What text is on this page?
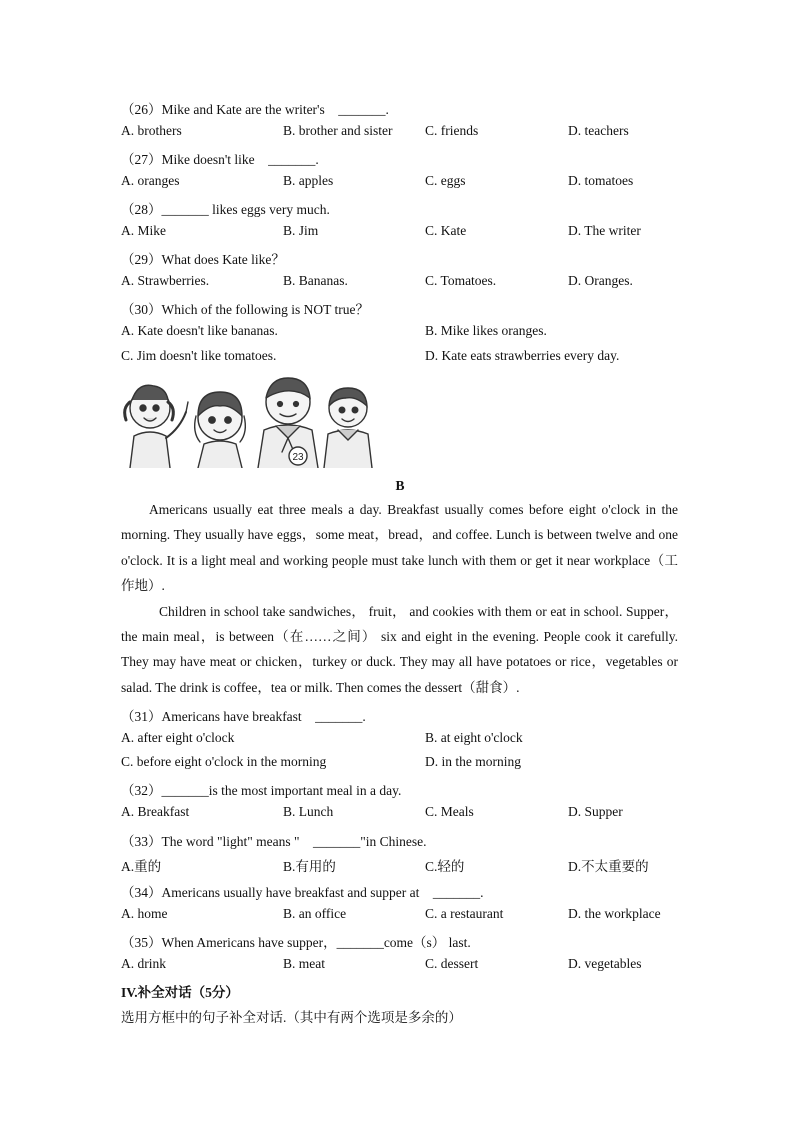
（26）Mike and Kate are the writer's　_______.
A. brothers	B. brother and sister C. friends	D. teachers
（27）Mike doesn't like　_______.
A. oranges	B. apples	C. eggs	D. tomatoes
（28）_______ likes eggs very much.
A. Mike	B. Jim	C. Kate	D. The writer
（29）What does Kate like？
A. Strawberries.	B. Bananas.	C. Tomatoes.	D. Oranges.
（30）Which of the following is NOT true？
A. Kate doesn't like bananas.	B. Mike likes oranges.
C. Jim doesn't like tomatoes.	D. Kate eats strawberries every day.
23
B

Americans usually eat three meals a day. Breakfast usually comes before eight o'clock in the morning. They usually have eggs，some meat，bread，and coffee. Lunch is between twelve and one o'clock. It is a light meal and working people must take lunch with them or get it near workplace（工作地）.

Children in school take sandwiches， fruit， and cookies with them or eat in school. Supper，the main meal，is between（在……之间） six and eight in the evening. People cook it carefully. They may have meat or chicken，turkey or duck. They may all have potatoes or rice，vegetables or salad. The drink is coffee，tea or milk. Then comes the dessert（甜食）.

（31）Americans have breakfast　_______.
A. after eight o'clock	B. at eight o'clock
C. before eight o'clock in the morning	D. in the morning
（32）_______is the most important meal in a day.
A. Breakfast	B. Lunch	C. Meals	D. Supper
（33）The word "light" means "　_______"in Chinese.
A.重的	B.有用的	C.轻的	D.不太重要的
（34）Americans usually have breakfast and supper at　_______.
A. home	B. an office	C. a restaurant	D. the workplace
（35）When Americans have supper，_______come（s） last.
A. drink	B. meat	C. dessert	D. vegetables
IV.补全对话（5分）
选用方框中的句子补全对话.（其中有两个选项是多余的）
